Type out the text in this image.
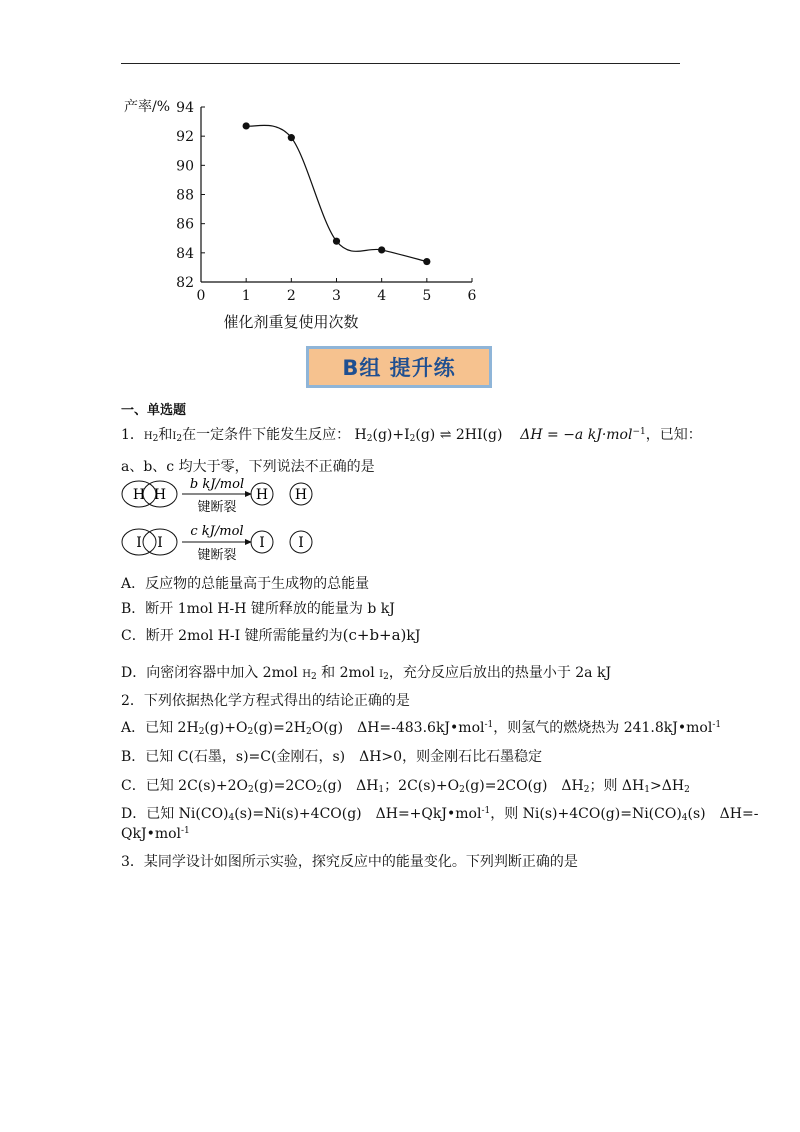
0	1	2	3	4	5	6
82
84
86
88
90
92
94
产率/%
催化剂重复使用次数
B组 提升练
一、单选题
1．$H_2$和$I_2$在一定条件下能发生反应： $H_2(g)+I_2(g)$ ⇌ 2HI(g) ΔH = −a kJ·mol$^{-1}$，已知：
a、b、c 均大于零，下列说法不正确的是
H H
b kJ/mol
键断裂
H H
I I
c kJ/mol
键断裂
I I
A．反应物的总能量高于生成物的总能量
B．断开 1mol H-H 键所释放的能量为 b kJ
C．断开 2mol H-I 键所需能量约为(c+b+a)kJ
D．向密闭容器中加入 2mol $H_2$ 和 2mol $I_2$，充分反应后放出的热量小于 2a kJ
2．下列依据热化学方程式得出的结论正确的是
A．已知 $2H_2(g)+O_2(g)=2H_2O(g)$　ΔH=-483.6kJ•mol$^{-1}$，则氢气的燃烧热为 241.8kJ•mol$^{-1}$
B．已知 C(石墨，s)=C(金刚石，s)　ΔH>0，则金刚石比石墨稳定
C．已知 $2C(s)+2O_2(g)=2CO_2(g)$　$\Delta H_1$；$2C(s)+O_2(g)=2CO(g)$　$\Delta H_2$；则 $\Delta H_1>\Delta H_2$
D．已知 $Ni(CO)_4(s)=Ni(s)+4CO(g)$　ΔH=+QkJ•mol$^{-1}$，则 $Ni(s)+4CO(g)=Ni(CO)_4(s)$　ΔH=-
QkJ•mol$^{-1}$
3．某同学设计如图所示实验，探究反应中的能量变化。下列判断正确的是
